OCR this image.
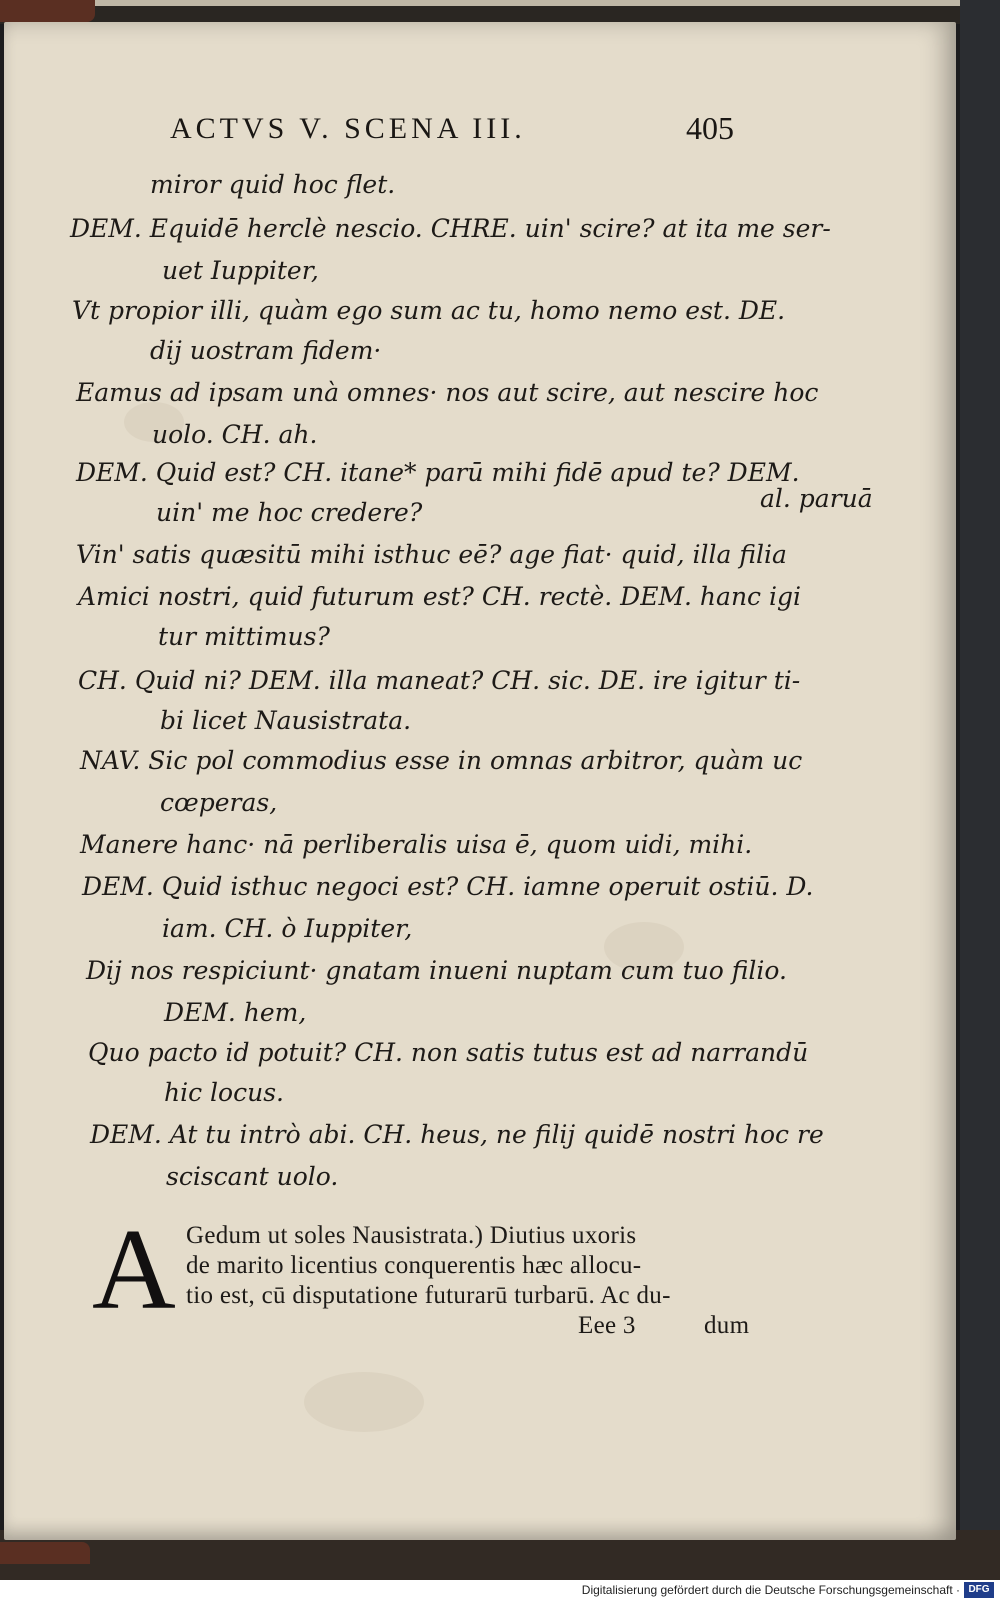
ACTVS V. SCENA III.	405
miror quid hoc flet.
DEM. Equidē herclè nescio. CHRE. uin' scire? at ita me ser-
uet Iuppiter,
Vt propior illi, quàm ego sum ac tu, homo nemo est. DE.
dij uostram fidem·
Eamus ad ipsam unà omnes· nos aut scire, aut nescire hoc
uolo. CH. ah.
DEM. Quid est? CH. itane* parū mihi fidē apud te? DEM.
uin' me hoc credere?	al. paruā
Vin' satis quæsitū mihi isthuc eē? age fiat· quid, illa filia
Amici nostri, quid futurum est? CH. rectè. DEM. hanc igi
tur mittimus?
CH. Quid ni? DEM. illa maneat? CH. sic. DE. ire igitur ti-
bi licet Nausistrata.
NAV. Sic pol commodius esse in omnas arbitror, quàm uc
cœperas,
Manere hanc· nā perliberalis uisa ē, quom uidi, mihi.
DEM. Quid isthuc negoci est? CH. iamne operuit ostiū. D.
iam. CH. ò Iuppiter,
Dij nos respiciunt· gnatam inueni nuptam cum tuo filio.
DEM. hem,
Quo pacto id potuit? CH. non satis tutus est ad narrandū
hic locus.
DEM. At tu intrò abi. CH. heus, ne filij quidē nostri hoc re
sciscant uolo.
A Gedum ut soles Nausistrata.) Diutius uxoris
de marito licentius conquerentis hæc allocu-
tio est, cū disputatione futurarū turbarū. Ac du-
Eee 3	dum
Digitalisierung gefördert durch die Deutsche Forschungsgemeinschaft · DFG
